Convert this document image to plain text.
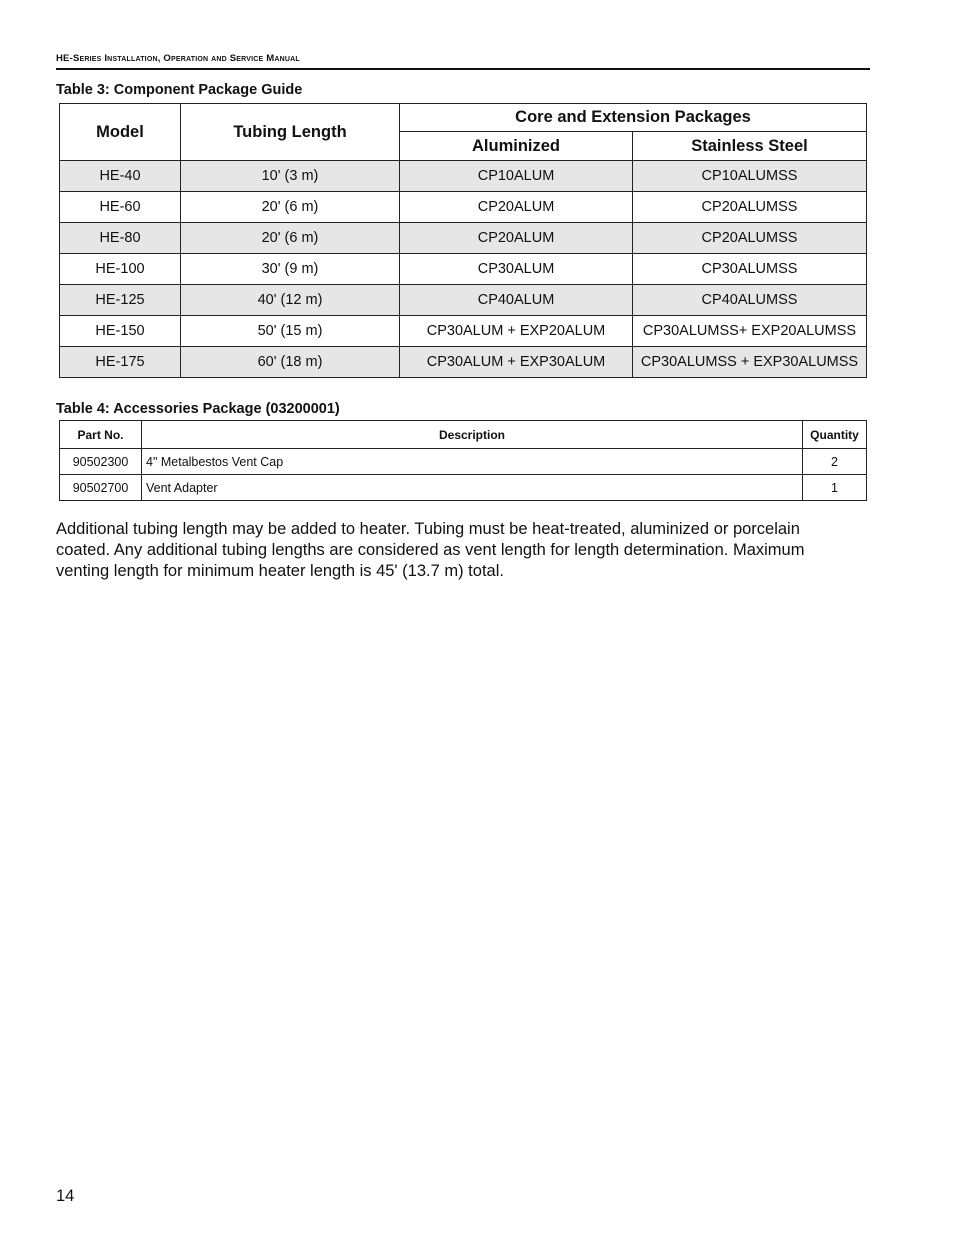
HE-Series Installation, Operation and Service Manual
Table 3: Component Package Guide
Model	Tubing Length	Core and Extension Packages	
		Aluminized	Stainless Steel
HE-40	10' (3 m)	CP10ALUM	CP10ALUMSS
HE-60	20' (6 m)	CP20ALUM	CP20ALUMSS
HE-80	20' (6 m)	CP20ALUM	CP20ALUMSS
HE-100	30' (9 m)	CP30ALUM	CP30ALUMSS
HE-125	40' (12 m)	CP40ALUM	CP40ALUMSS
HE-150	50' (15 m)	CP30ALUM + EXP20ALUM	CP30ALUMSS+ EXP20ALUMSS
HE-175	60' (18 m)	CP30ALUM + EXP30ALUM	CP30ALUMSS + EXP30ALUMSS
Table 4: Accessories Package (03200001)
Part No.	Description	Quantity
90502300	4" Metalbestos Vent Cap	2
90502700	Vent Adapter	1

Additional tubing length may be added to heater. Tubing must be heat-treated, aluminized or porcelain coated. Any additional tubing lengths are considered as vent length for length determination. Maximum venting length for minimum heater length is 45' (13.7 m) total.

14
